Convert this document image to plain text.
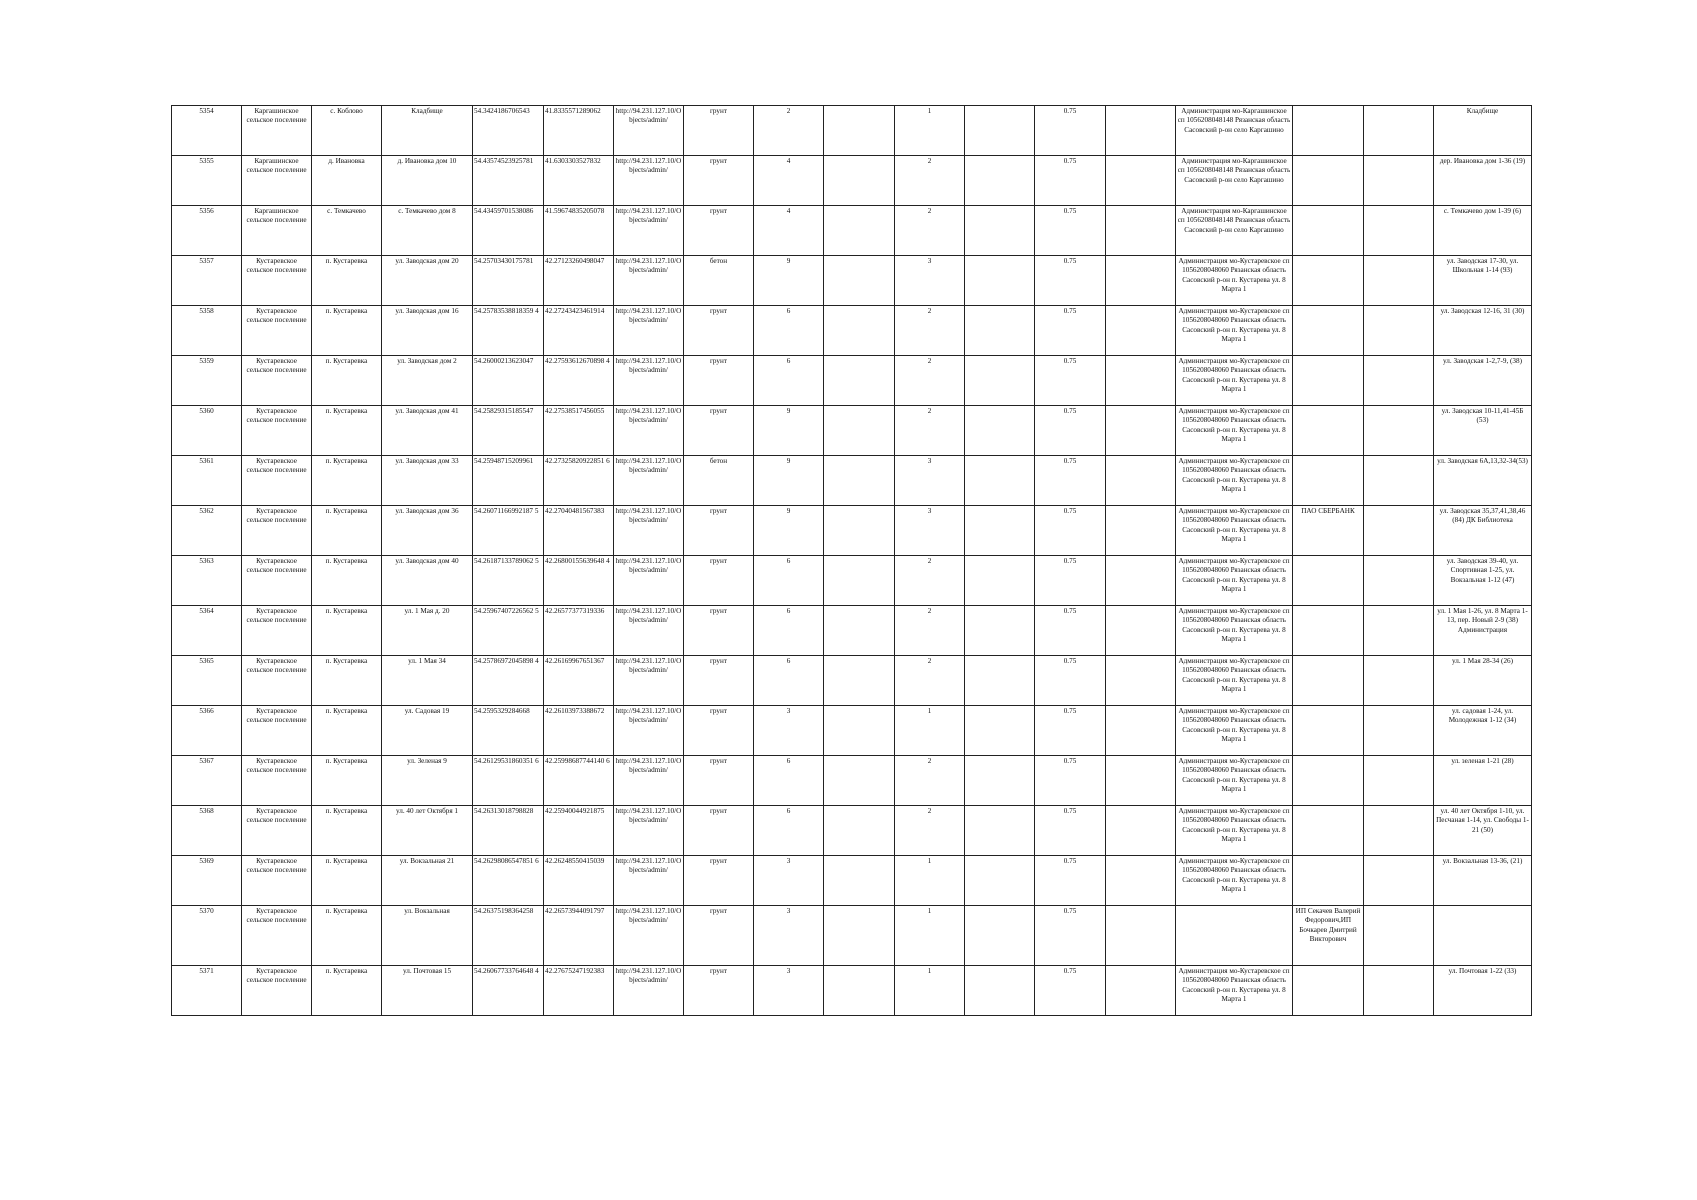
5354	Каргашинское сельское поселение	с. Коблово	Кладбище	54.3424186706543	41.8335571289062	http://94.231.127.10/Objects/admin/	грунт	2		1		0.75		Администрация мо-Каргашинское сп 1056208048148 Рязанская область Сасовский р-он село Каргашино			Кладбище
5355	Каргашинское сельское поселение	д. Ивановка	д. Ивановка дом 10	54.43574523925781	41.6303303527832	http://94.231.127.10/Objects/admin/	грунт	4		2		0.75		Администрация мо-Каргашинское сп 1056208048148 Рязанская область Сасовский р-он село Каргашино			дер. Ивановка дом 1-36 (19)
5356	Каргашинское сельское поселение	с. Темкачево	с. Темкачево дом 8	54.43459701538086	41.59674835205078	http://94.231.127.10/Objects/admin/	грунт	4		2		0.75		Администрация мо-Каргашинское сп 1056208048148 Рязанская область Сасовский р-он село Каргашино			с. Темкачево дом 1-39 (6)
5357	Кустаревское сельское поселение	п. Кустаревка	ул. Заводская дом 20	54.25703430175781	42.27123260498047	http://94.231.127.10/Objects/admin/	бетон	9		3		0.75		Администрация мо-Кустаревское сп 1056208048060 Рязанская область Сасовский р-он п. Кустарева ул. 8 Марта 1			ул. Заводская 17-30, ул. Школьная 1-14 (93)
5358	Кустаревское сельское поселение	п. Кустаревка	ул. Заводская дом 16	54.25783538818359 4	42.27243423461914	http://94.231.127.10/Objects/admin/	грунт	6		2		0.75		Администрация мо-Кустаревское сп 1056208048060 Рязанская область Сасовский р-он п. Кустарева ул. 8 Марта 1			ул. Заводская 12-16, 31 (30)
5359	Кустаревское сельское поселение	п. Кустаревка	ул. Заводская дом 2	54.26000213623047	42.27593612670898 4	http://94.231.127.10/Objects/admin/	грунт	6		2		0.75		Администрация мо-Кустаревское сп 1056208048060 Рязанская область Сасовский р-он п. Кустарева ул. 8 Марта 1			ул. Заводская 1-2,7-9, (38)
5360	Кустаревское сельское поселение	п. Кустаревка	ул. Заводская дом 41	54.25829315185547	42.27538517456055	http://94.231.127.10/Objects/admin/	грунт	9		2		0.75		Администрация мо-Кустаревское сп 1056208048060 Рязанская область Сасовский р-он п. Кустарева ул. 8 Марта 1			ул. Заводская 10-11,41-45Б (53)
5361	Кустаревское сельское поселение	п. Кустаревка	ул. Заводская дом 33	54.25948715209961	42.27325820922851 6	http://94.231.127.10/Objects/admin/	бетон	9		3		0.75		Администрация мо-Кустаревское сп 1056208048060 Рязанская область Сасовский р-он п. Кустарева ул. 8 Марта 1			ул. Заводская 6А,13,32-34(53)
5362	Кустаревское сельское поселение	п. Кустаревка	ул. Заводская дом 36	54.26071166992187 5	42.27040481567383	http://94.231.127.10/Objects/admin/	грунт	9		3		0.75		Администрация мо-Кустаревское сп 1056208048060 Рязанская область Сасовский р-он п. Кустарева ул. 8 Марта 1	ПАО СБЕРБАНК		ул. Заводская 35,37,41,38,46 (84) ДК Библиотека
5363	Кустаревское сельское поселение	п. Кустаревка	ул. Заводская дом 40	54.26187133789062 5	42.26800155639648 4	http://94.231.127.10/Objects/admin/	грунт	6		2		0.75		Администрация мо-Кустаревское сп 1056208048060 Рязанская область Сасовский р-он п. Кустарева ул. 8 Марта 1			ул. Заводская 39-40, ул. Спортивная 1-25, ул. Вокзальная 1-12 (47)
5364	Кустаревское сельское поселение	п. Кустаревка	ул. 1 Мая д. 20	54.25967407226562 5	42.26577377319336	http://94.231.127.10/Objects/admin/	грунт	6		2		0.75		Администрация мо-Кустаревское сп 1056208048060 Рязанская область Сасовский р-он п. Кустарева ул. 8 Марта 1			ул. 1 Мая 1-26, ул. 8 Марта 1-13, пер. Новый 2-9 (38) Администрация
5365	Кустаревское сельское поселение	п. Кустаревка	ул. 1 Мая 34	54.25786972045898 4	42.26169967651367	http://94.231.127.10/Objects/admin/	грунт	6		2		0.75		Администрация мо-Кустаревское сп 1056208048060 Рязанская область Сасовский р-он п. Кустарева ул. 8 Марта 1			ул. 1 Мая 28-34 (26)
5366	Кустаревское сельское поселение	п. Кустаревка	ул. Садовая 19	54.2595329284668	42.26103973388672	http://94.231.127.10/Objects/admin/	грунт	3		1		0.75		Администрация мо-Кустаревское сп 1056208048060 Рязанская область Сасовский р-он п. Кустарева ул. 8 Марта 1			ул. садовая 1-24, ул. Молодежная 1-12 (34)
5367	Кустаревское сельское поселение	п. Кустаревка	ул. Зеленая 9	54.26129531860351 6	42.25998687744140 6	http://94.231.127.10/Objects/admin/	грунт	6		2		0.75		Администрация мо-Кустаревское сп 1056208048060 Рязанская область Сасовский р-он п. Кустарева ул. 8 Марта 1			ул. зеленая 1-21 (28)
5368	Кустаревское сельское поселение	п. Кустаревка	ул. 40 лет Октября 1	54.26313018798828	42.25940044921875	http://94.231.127.10/Objects/admin/	грунт	6		2		0.75		Администрация мо-Кустаревское сп 1056208048060 Рязанская область Сасовский р-он п. Кустарева ул. 8 Марта 1			ул. 40 лет Октября 1-10, ул. Песчаная 1-14, ул. Свободы 1-21 (50)
5369	Кустаревское сельское поселение	п. Кустаревка	ул. Вокзальная 21	54.26298086547851 6	42.26248550415039	http://94.231.127.10/Objects/admin/	грунт	3		1		0.75		Администрация мо-Кустаревское сп 1056208048060 Рязанская область Сасовский р-он п. Кустарева ул. 8 Марта 1			ул. Вокзальная 13-36, (21)
5370	Кустаревское сельское поселение	п. Кустаревка	ул. Вокзальная	54.26375198364258	42.26573944091797	http://94.231.127.10/Objects/admin/	грунт	3		1		0.75			ИП Секачев Валерий Федорович,ИП Бочкарев Дмитрий Викторович		
5371	Кустаревское сельское поселение	п. Кустаревка	ул. Почтовая 15	54.26067733764648 4	42.27675247192383	http://94.231.127.10/Objects/admin/	грунт	3		1		0.75		Администрация мо-Кустаревское сп 1056208048060 Рязанская область Сасовский р-он п. Кустарева ул. 8 Марта 1			ул. Почтовая 1-22 (33)
